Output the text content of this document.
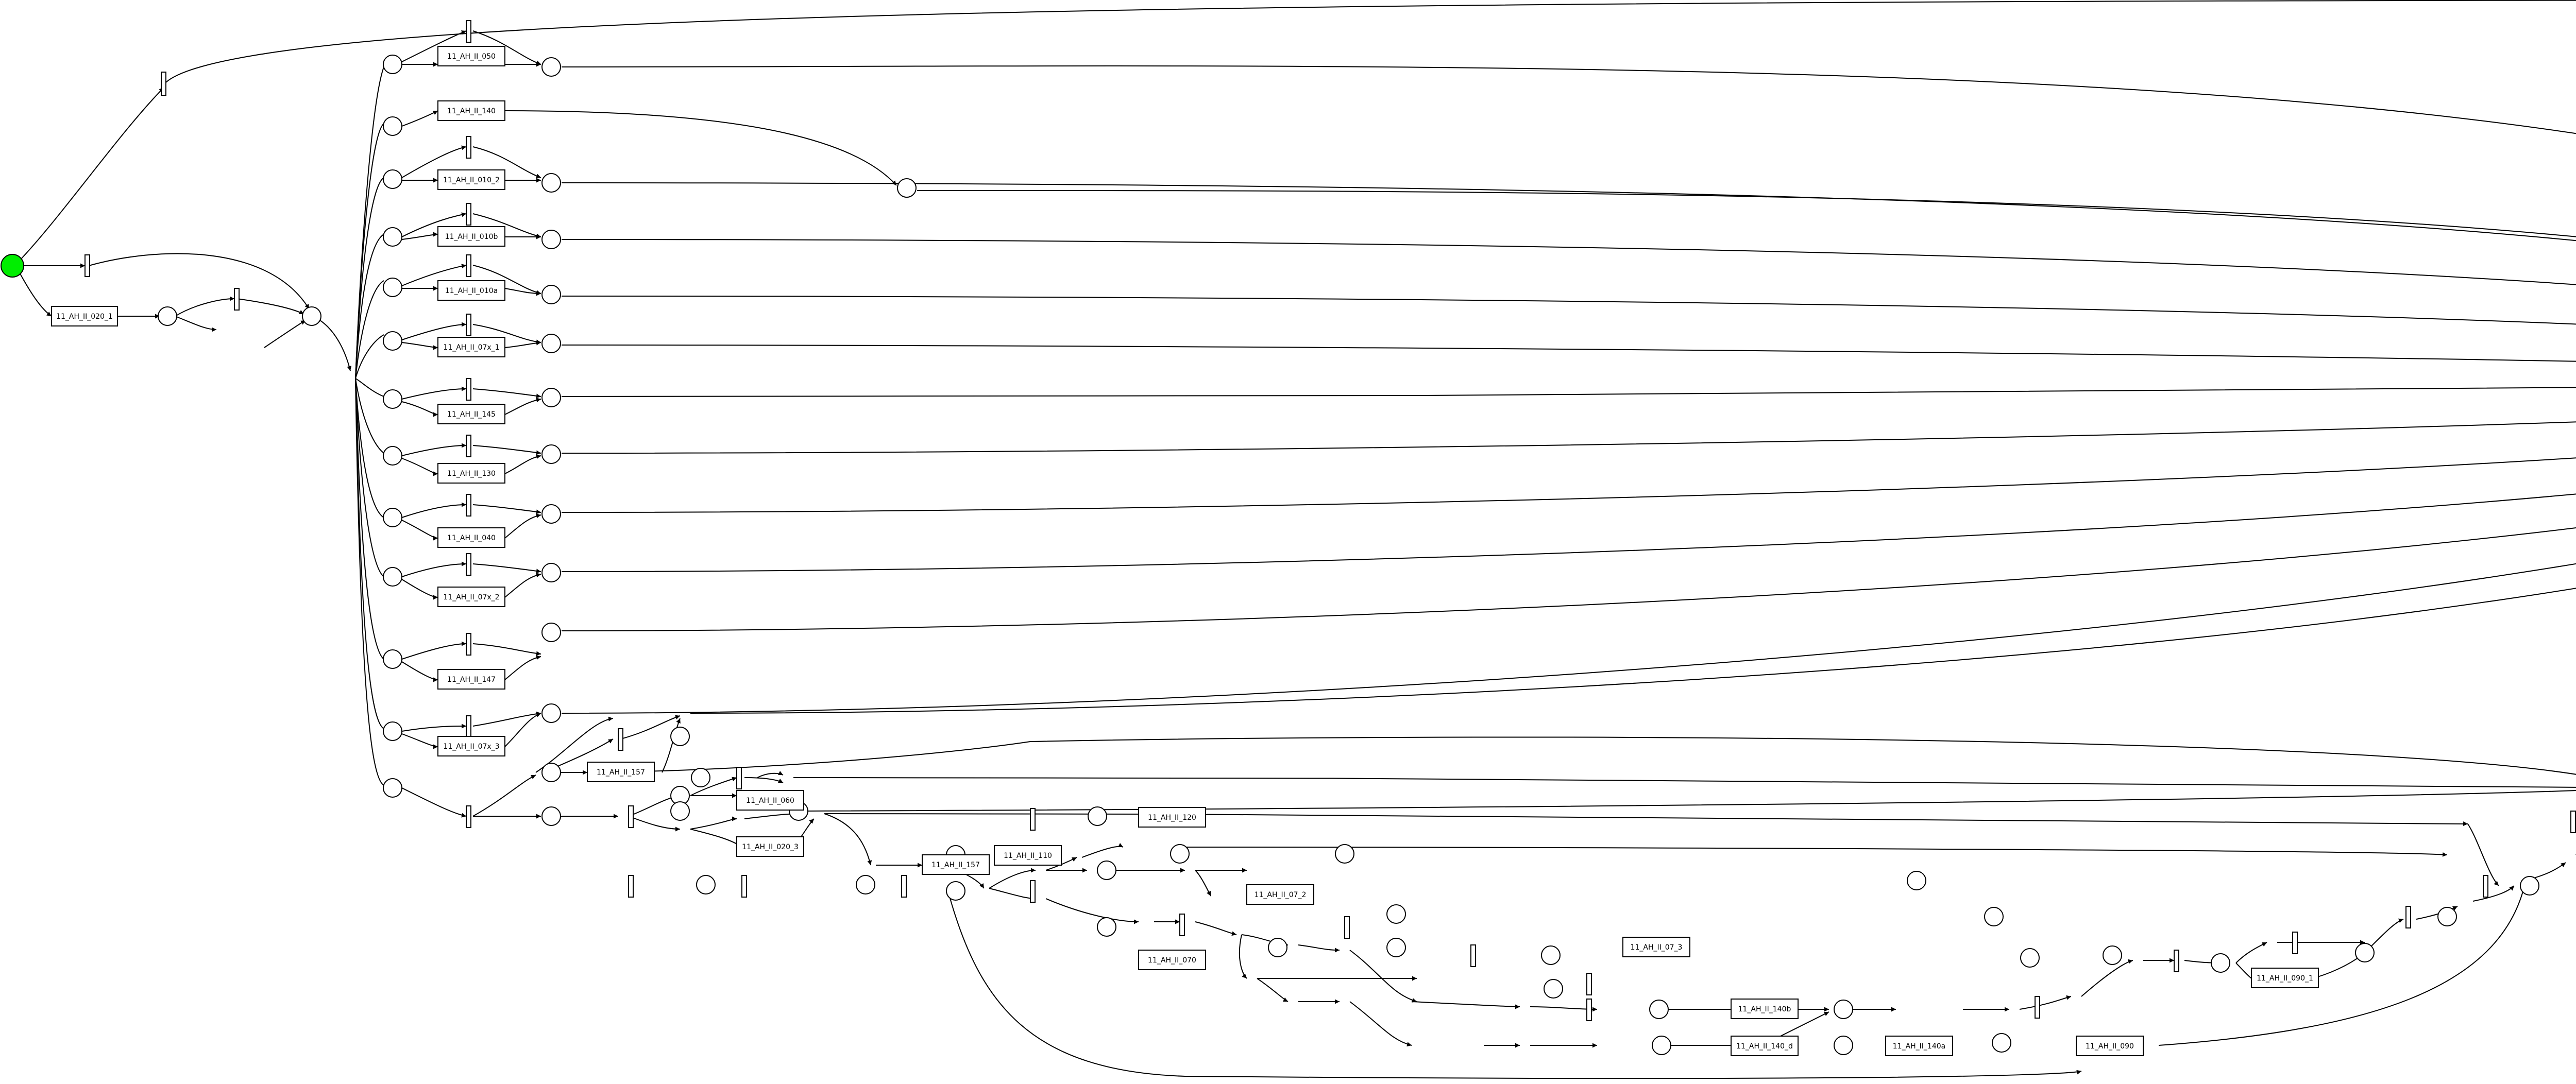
11_AH_II_020_1
11_AH_II_140
11_AH_II_010_2
11_AH_II_010b
11_AH_II_010a
11_AH_II_07x_1
11_AH_II_145
11_AH_II_130
11_AH_II_040
11_AH_II_07x_2
11_AH_II_147
11_AH_II_07x_3
11_AH_II_050
11_AH_II_157
11_AH_II_020_3
11_AH_II_060
11_AH_II_110
11_AH_II_120
11_AH_II_07_2
11_AH_II_070
11_AH_II_07_3
11_AH_II_090_1
11_AH_II_140b
11_AH_II_140_d	11_AH_II_140a	11_AH_II_090
11_AH_II_157
